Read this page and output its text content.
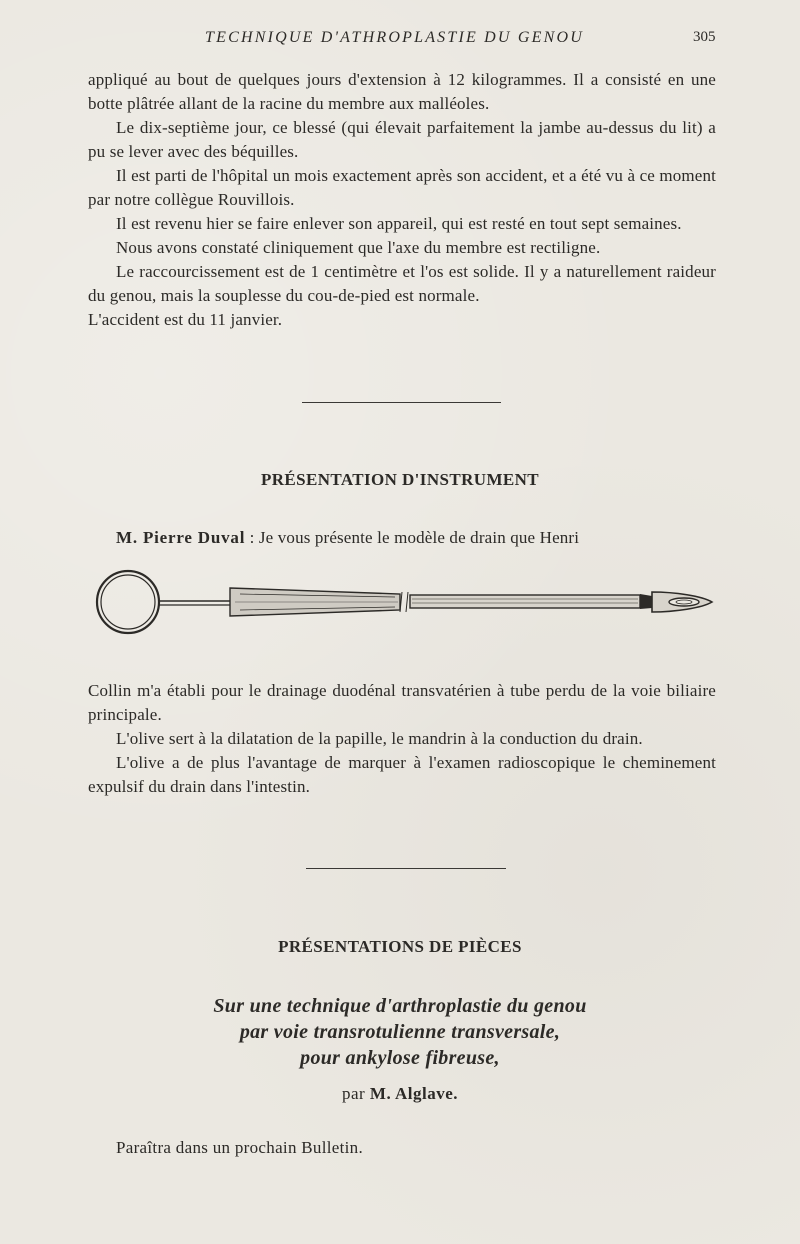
TECHNIQUE D'ATHROPLASTIE DU GENOU	305

appliqué au bout de quelques jours d'extension à 12 kilogrammes. Il a consisté en une botte plâtrée allant de la racine du membre aux malléoles.

Le dix-septième jour, ce blessé (qui élevait parfaitement la jambe au-dessus du lit) a pu se lever avec des béquilles.

Il est parti de l'hôpital un mois exactement après son accident, et a été vu à ce moment par notre collègue Rouvillois.

Il est revenu hier se faire enlever son appareil, qui est resté en tout sept semaines.

Nous avons constaté cliniquement que l'axe du membre est rectiligne.

Le raccourcissement est de 1 centimètre et l'os est solide. Il y a naturellement raideur du genou, mais la souplesse du cou-de-pied est normale.

L'accident est du 11 janvier.

PRÉSENTATION D'INSTRUMENT

M. Pierre Duval : Je vous présente le modèle de drain que Henri

Collin m'a établi pour le drainage duodénal transvatérien à tube perdu de la voie biliaire principale.

L'olive sert à la dilatation de la papille, le mandrin à la conduction du drain.

L'olive a de plus l'avantage de marquer à l'examen radioscopique le cheminement expulsif du drain dans l'intestin.

PRÉSENTATIONS DE PIÈCES
Sur une technique d'arthroplastie du genou
par voie transrotulienne transversale,
pour ankylose fibreuse,
par M. Alglave.
Paraîtra dans un prochain Bulletin.
